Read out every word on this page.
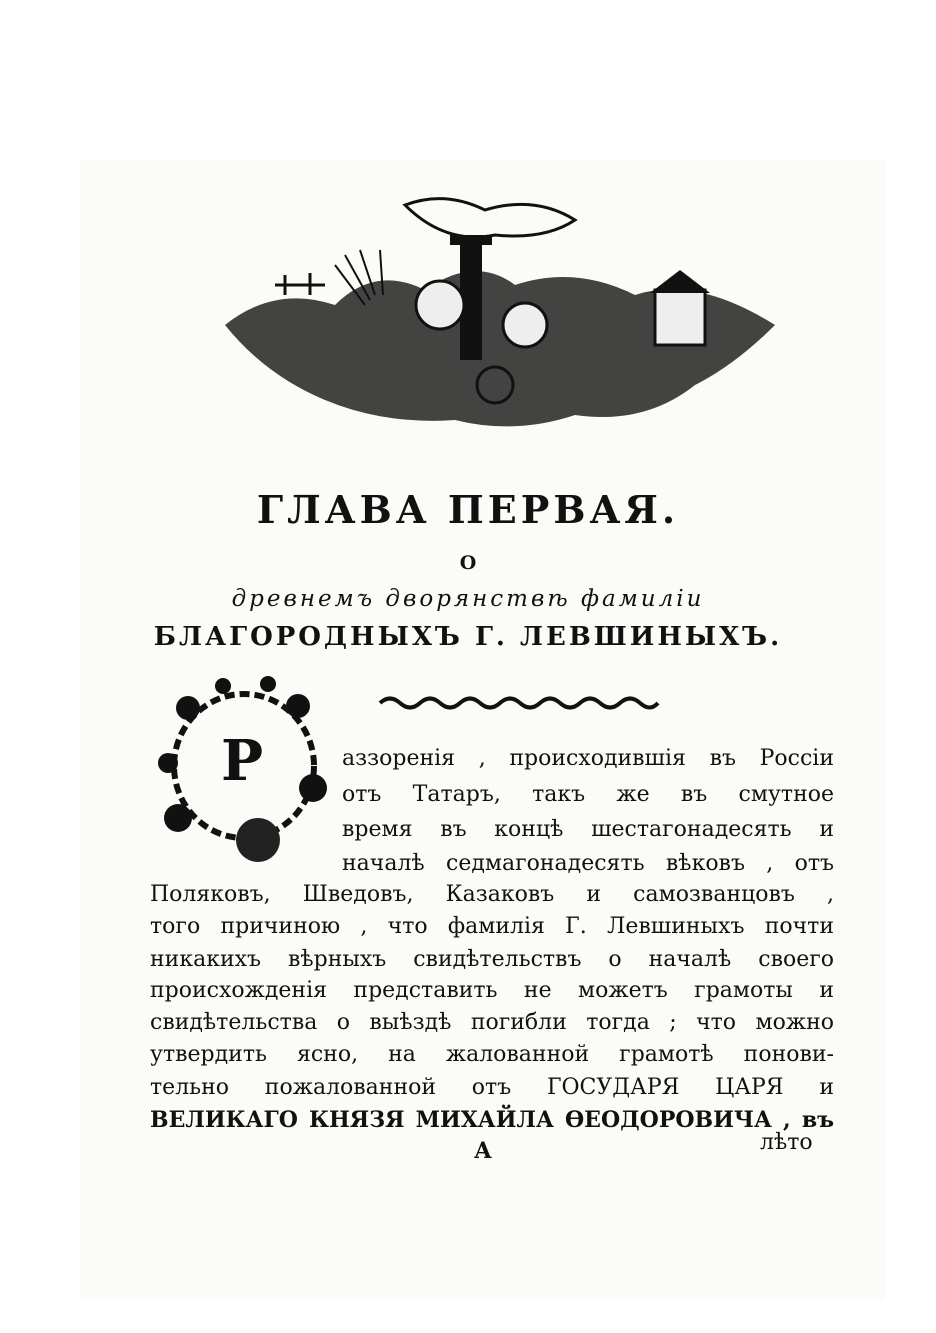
ГЛАВА ПЕРВАЯ.
О
древнемъ дворянствѣ фамиліи
БЛАГОРОДНЫХЪ Г. ЛЕВШИНЫХЪ.
Р	аззоренія , происходившія въ Россіи
отъ Татаръ, такъ же въ смутное
время въ концѣ шестагонадесять и
началѣ седмагонадесять вѣковъ , отъ
Поляковъ, Шведовъ, Казаковъ и самозванцовъ ,
того причиною , что фамилія Г. Левшиныхъ почти
никакихъ вѣрныхъ свидѣтельствъ о началѣ своего
происхожденія представить не можетъ грамоты и
свидѣтельства о выѣздѣ погибли тогда ; что можно
утвердить ясно, на жалованной грамотѣ понови-
тельно пожалованной отъ ГОСУДАРЯ ЦАРЯ и
ВЕЛИКАГО КНЯЗЯ МИХАЙЛА ѲЕОДОРОВИЧА , въ
А	лѣто
